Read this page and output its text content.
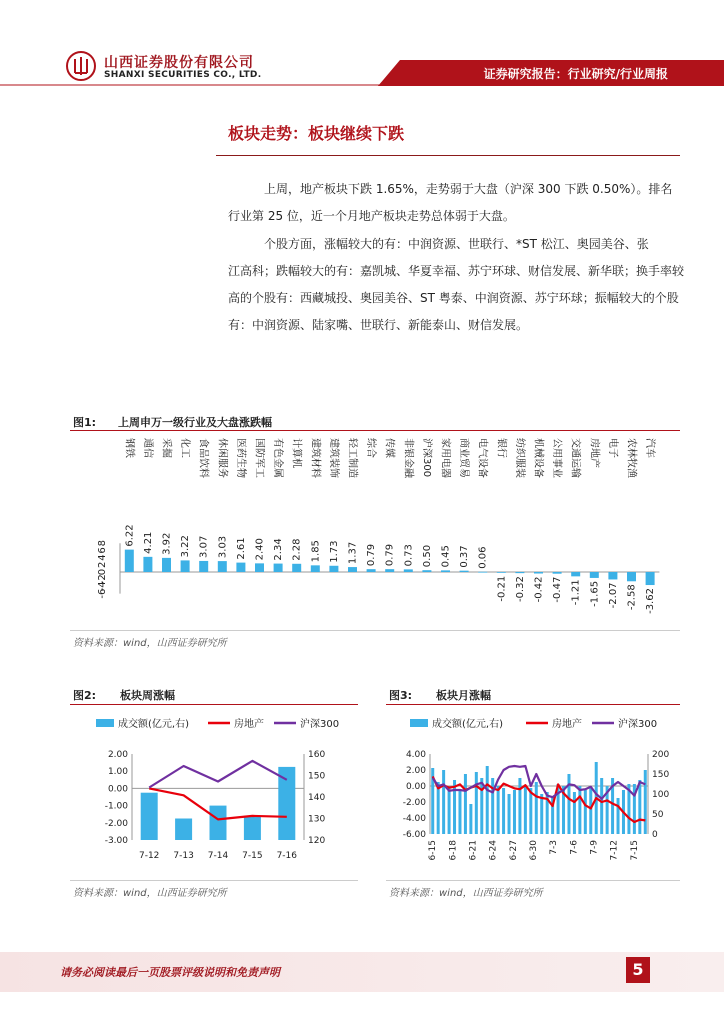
山西证券股份有限公司
SHANXI SECURITIES CO., LTD.	证券研究报告：行业研究/行业周报
板块走势：板块继续下跌
上周，地产板块下跌 1.65%，走势弱于大盘（沪深 300 下跌 0.50%）。排名
行业第 25 位，近一个月地产板块走势总体弱于大盘。
个股方面，涨幅较大的有：中润资源、世联行、*ST 松江、奥园美谷、张
江高科；跌幅较大的有：嘉凯城、华夏幸福、苏宁环球、财信发展、新华联；换手率较高的个股有：西藏城投、奥园美谷、ST 粤泰、中润资源、苏宁环球；振幅较大的个股有：中润资源、陆家嘴、世联行、新能泰山、财信发展。
图1: 上周申万一级行业及大盘涨跌幅
8
6
4
2
0
-2
-4
-6
钢铁
6.22
通信
4.21
采掘
3.92
化工
3.22
食品饮料
3.07
休闲服务
3.03
医药生物
2.61
国防军工
2.40
有色金属
2.34
计算机
2.28
建筑材料
1.85
建筑装饰
1.73
轻工制造
1.37
综合
0.79
传媒
0.79
非银金融
0.73
沪深300
0.50
家用电器
0.45
商业贸易
0.37
电气设备
0.06
银行
-0.21
纺织服装
-0.32
机械设备
-0.42
公用事业
-0.47
交通运输
-1.21
房地产
-1.65
电子
-2.07
农林牧渔
-2.58
汽车
-3.62
资料来源：wind，山西证券研究所
图2: 板块周涨幅
成交额(亿元,右)	房地产	沪深300
2.00
1.00
0.00
-1.00
-2.00
-3.00
160
150
140
130
120
7-12 7-13 7-14 7-15 7-16
资料来源：wind，山西证券研究所
图3: 板块月涨幅
成交额(亿元,右)	房地产	沪深300
4.00
2.00
0.00
-2.00
-4.00
-6.00
200
150
100
50
0
6-15 6-18 6-21 6-24 6-27 6-30 7-3 7-6 7-9 7-12 7-15
资料来源：wind，山西证券研究所
请务必阅读最后一页股票评级说明和免责声明	5
